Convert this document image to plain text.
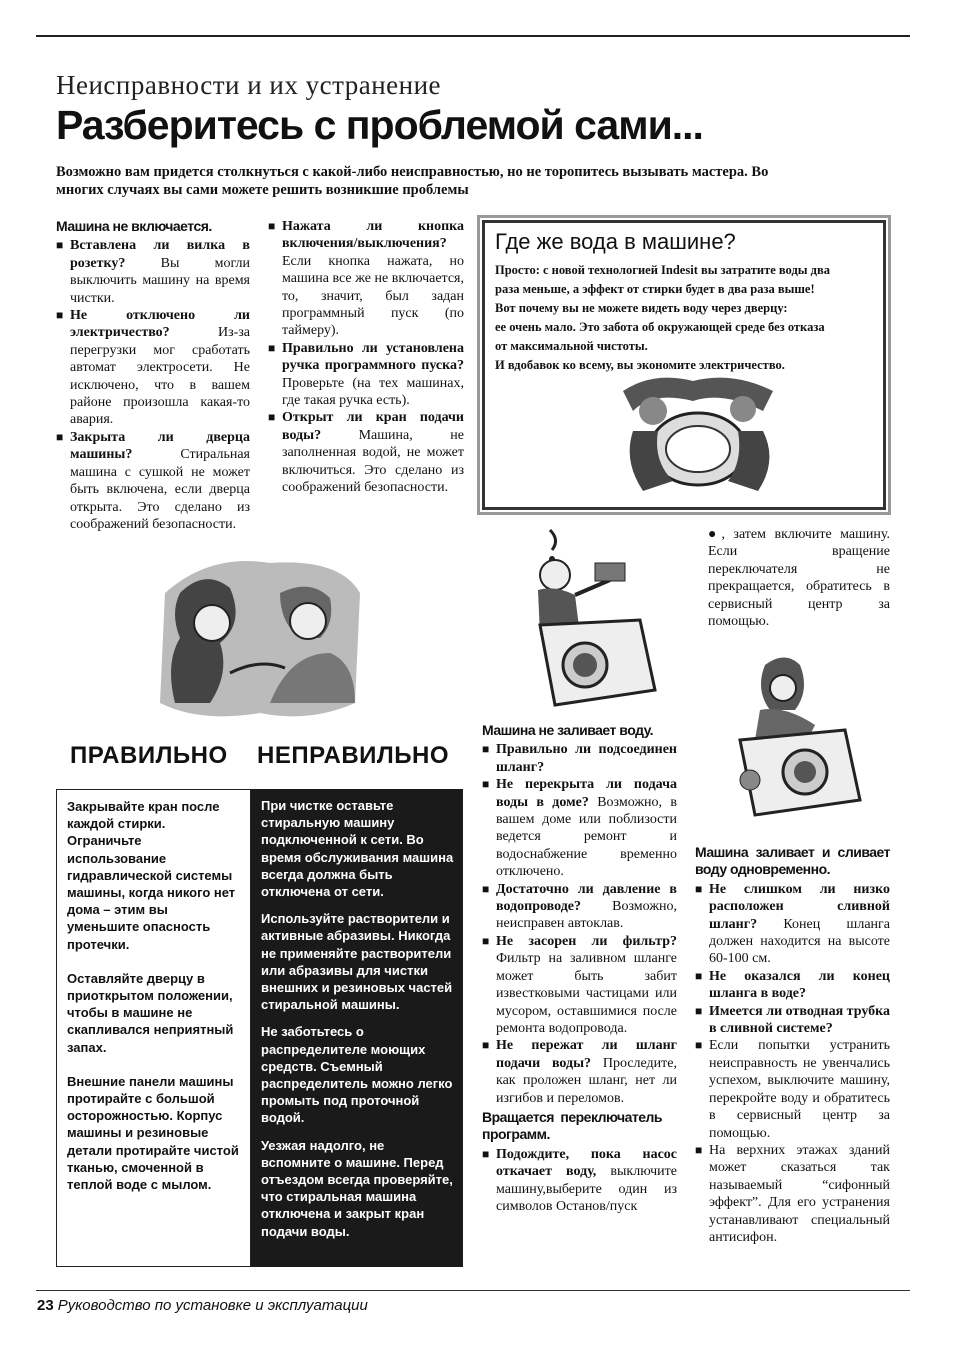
Неисправности и их устранение
Разберитесь с проблемой сами...
Возможно вам придется столкнуться с какой-либо неисправностью, но не торопитесь вызывать мастера. Во многих случаях вы сами можете решить возникшие проблемы

Машина не включается.

■ Вставлена ли вилка в розетку? Вы могли выключить машину на время чистки.

■ Не отключено ли электричество? Из-за перегрузки мог сработать автомат электросети. Не исключено, что в вашем районе произошла какая-то авария.

■ Закрыта ли дверца машины? Стиральная машина с сушкой не может быть включена, если дверца открыта. Это сделано из соображений безопасности.

■ Нажата ли кнопка включения/выключения? Если кнопка нажата, но машина все же не включается, то, значит, был задан программный пуск (по таймеру).

■ Правильно ли установлена ручка программного пуска? Проверьте (на тех машинах, где такая ручка есть).

■ Открыт ли кран подачи воды? Машина, не заполненная водой, не может включиться. Это сделано из соображений безопасности.

Где же вода в машине?
Просто: с новой технологией Indesit вы затратите воды два
раза меньше, а эффект от стирки будет в два раза выше!
Вот почему вы не можете видеть воду через дверцу:
ее очень мало. Это забота об окружающей среде без отказа
от максимальной чистоты.
И вдобавок ко всему, вы экономите электричество.
ПРАВИЛЬНО НЕПРАВИЛЬНО

Закрывайте кран после каждой стирки. Ограничьте использование гидравлической системы машины, когда никого нет дома – этим вы уменьшите опасность протечки.

Оставляйте дверцу в приоткрытом положении, чтобы в машине не скапливался неприятный запах.

Внешние панели машины протирайте с большой осторожностью. Корпус машины и резиновые детали протирайте чистой тканью, смоченной в теплой воде с мылом.

При чистке оставьте стиральную машину подключенной к сети. Во время обслуживания машина всегда должна быть отключена от сети.

Используйте растворители и активные абразивы. Никогда не применяйте растворители или абразивы для чистки внешних и резиновых частей стиральной машины.

Не заботьтесь о распределителе моющих средств. Съемный распределитель можно легко промыть под проточной водой.

Уезжая надолго, не вспомните о машине. Перед отъездом всегда проверяйте, что стиральная машина отключена и закрыт кран подачи воды.

Машина не заливает воду.

■ Правильно ли подсоединен шланг?

■ Не перекрыта ли подача воды в доме? Возможно, в вашем доме или поблизости ведется ремонт и водоснабжение временно отключено.

■ Достаточно ли давление в водопроводе? Возможно, неисправен автоклав.

■ Не засорен ли фильтр? Фильтр на заливном шланге может быть забит известковыми частицами или мусором, оставшимися после ремонта водопровода.

■ Не пережат ли шланг подачи воды? Проследите, как проложен шланг, нет ли изгибов и переломов.

Вращается переключатель программ.

■ Подождите, пока насос откачает воду, выключите машину,выберите один из символов Останов/пуск

●, затем включите машину. Если вращение переключателя не прекращается, обратитесь в сервисный центр за помощью.

Машина заливает и сливает воду одновременно.

■ Не слишком ли низко расположен сливной шланг? Конец шланга должен находится на высоте 60-100 см.

■ Не оказался ли конец шланга в воде?

■ Имеется ли отводная трубка в сливной системе?

■ Если попытки устранить неисправность не увенчались успехом, выключите машину, перекройте воду и обратитесь в сервисный центр за помощью.

■ На верхних этажах зданий может сказаться так называемый “сифонный эффект”. Для его устранения устанавливают специальный антисифон.

23 Руководство по установке и эксплуатации
